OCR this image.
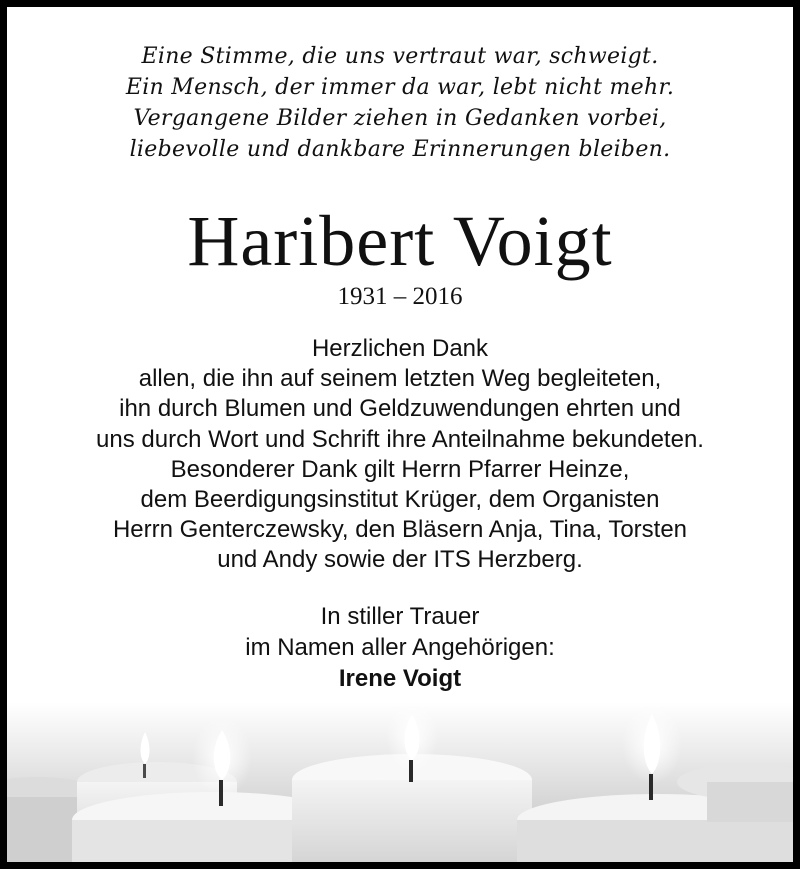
Eine Stimme, die uns vertraut war, schweigt.
Ein Mensch, der immer da war, lebt nicht mehr.
Vergangene Bilder ziehen in Gedanken vorbei,
liebevolle und dankbare Erinnerungen bleiben.
Haribert Voigt
1931 – 2016
Herzlichen Dank
allen, die ihn auf seinem letzten Weg begleiteten,
ihn durch Blumen und Geldzuwendungen ehrten und
uns durch Wort und Schrift ihre Anteilnahme bekundeten.
Besonderer Dank gilt Herrn Pfarrer Heinze,
dem Beerdigungsinstitut Krüger, dem Organisten
Herrn Genterczewsky, den Bläsern Anja, Tina, Torsten
und Andy sowie der ITS Herzberg.
In stiller Trauer
im Namen aller Angehörigen:
Irene Voigt
